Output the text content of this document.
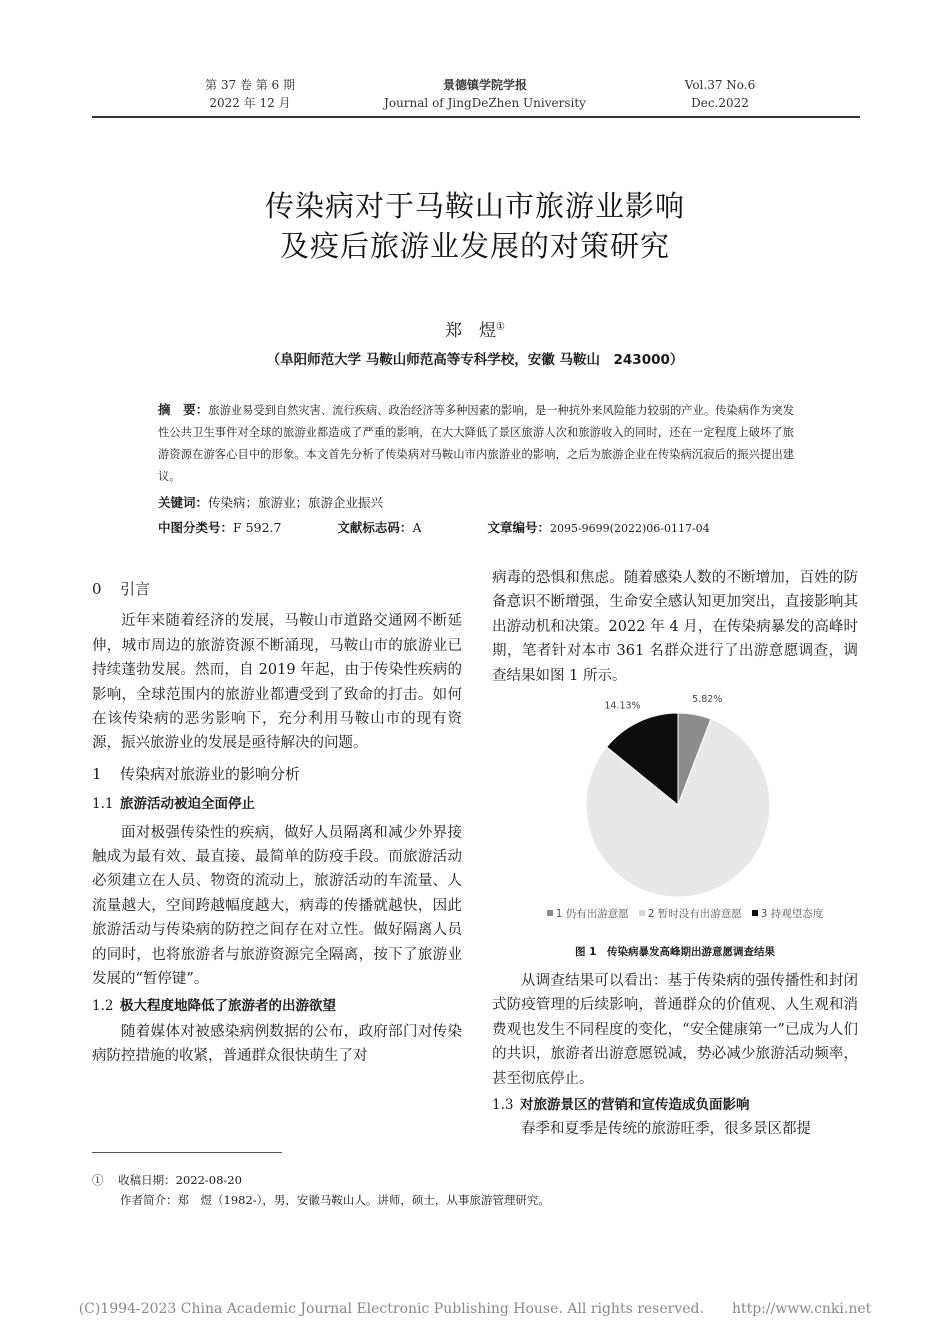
第 37 卷 第 6 期
2022 年 12 月
景德镇学院学报
Journal of JingDeZhen University
Vol.37 No.6
Dec.2022
传染病对于马鞍山市旅游业影响
及疫后旅游业发展的对策研究
郑　煜①
（阜阳师范大学 马鞍山师范高等专科学校，安徽 马鞍山　243000）
摘　要：旅游业易受到自然灾害、流行疾病、政治经济等多种因素的影响，是一种抗外来风险能力较弱的产业。传染病作为突发性公共卫生事件对全球的旅游业都造成了严重的影响，在大大降低了景区旅游人次和旅游收入的同时，还在一定程度上破坏了旅游资源在游客心目中的形象。本文首先分析了传染病对马鞍山市内旅游业的影响，之后为旅游企业在传染病沉寂后的振兴提出建议。
关键词：传染病；旅游业；旅游企业振兴
中图分类号：F 592.7	文献标志码：A	文章编号：2095-9699(2022)06-0117-04
0 引言

近年来随着经济的发展，马鞍山市道路交通网不断延伸，城市周边的旅游资源不断涌现，马鞍山市的旅游业已持续蓬勃发展。然而，自 2019 年起，由于传染性疾病的影响，全球范围内的旅游业都遭受到了致命的打击。如何在该传染病的恶劣影响下，充分利用马鞍山市的现有资源，振兴旅游业的发展是亟待解决的问题。

1 传染病对旅游业的影响分析
1.1 旅游活动被迫全面停止

面对极强传染性的疾病，做好人员隔离和减少外界接触成为最有效、最直接、最简单的防疫手段。而旅游活动必须建立在人员、物资的流动上，旅游活动的车流量、人流量越大，空间跨越幅度越大，病毒的传播就越快，因此旅游活动与传染病的防控之间存在对立性。做好隔离人员的同时，也将旅游者与旅游资源完全隔离，按下了旅游业发展的“暂停键”。

1.2 极大程度地降低了旅游者的出游欲望

随着媒体对被感染病例数据的公布，政府部门对传染病防控措施的收紧，普通群众很快萌生了对

病毒的恐惧和焦虑。随着感染人数的不断增加，百姓的防备意识不断增强，生命安全感认知更加突出，直接影响其出游动机和决策。2022 年 4 月，在传染病暴发的高峰时期，笔者针对本市 361 名群众进行了出游意愿调查，调查结果如图 1 所示。

5.82%
14.13%
1 仍有出游意愿 2 暂时没有出游意愿 3 持观望态度
图 1　传染病暴发高峰期出游意愿调查结果

从调查结果可以看出：基于传染病的强传播性和封闭式防疫管理的后续影响，普通群众的价值观、人生观和消费观也发生不同程度的变化，“安全健康第一”已成为人们的共识，旅游者出游意愿锐减，势必减少旅游活动频率，甚至彻底停止。

1.3 对旅游景区的营销和宣传造成负面影响

春季和夏季是传统的旅游旺季，很多景区都提

① 收稿日期：2022-08-20
作者简介：郑　煜（1982-），男，安徽马鞍山人。讲师，硕士，从事旅游管理研究。
(C)1994-2023 China Academic Journal Electronic Publishing House. All rights reserved.　　http://www.cnki.net
